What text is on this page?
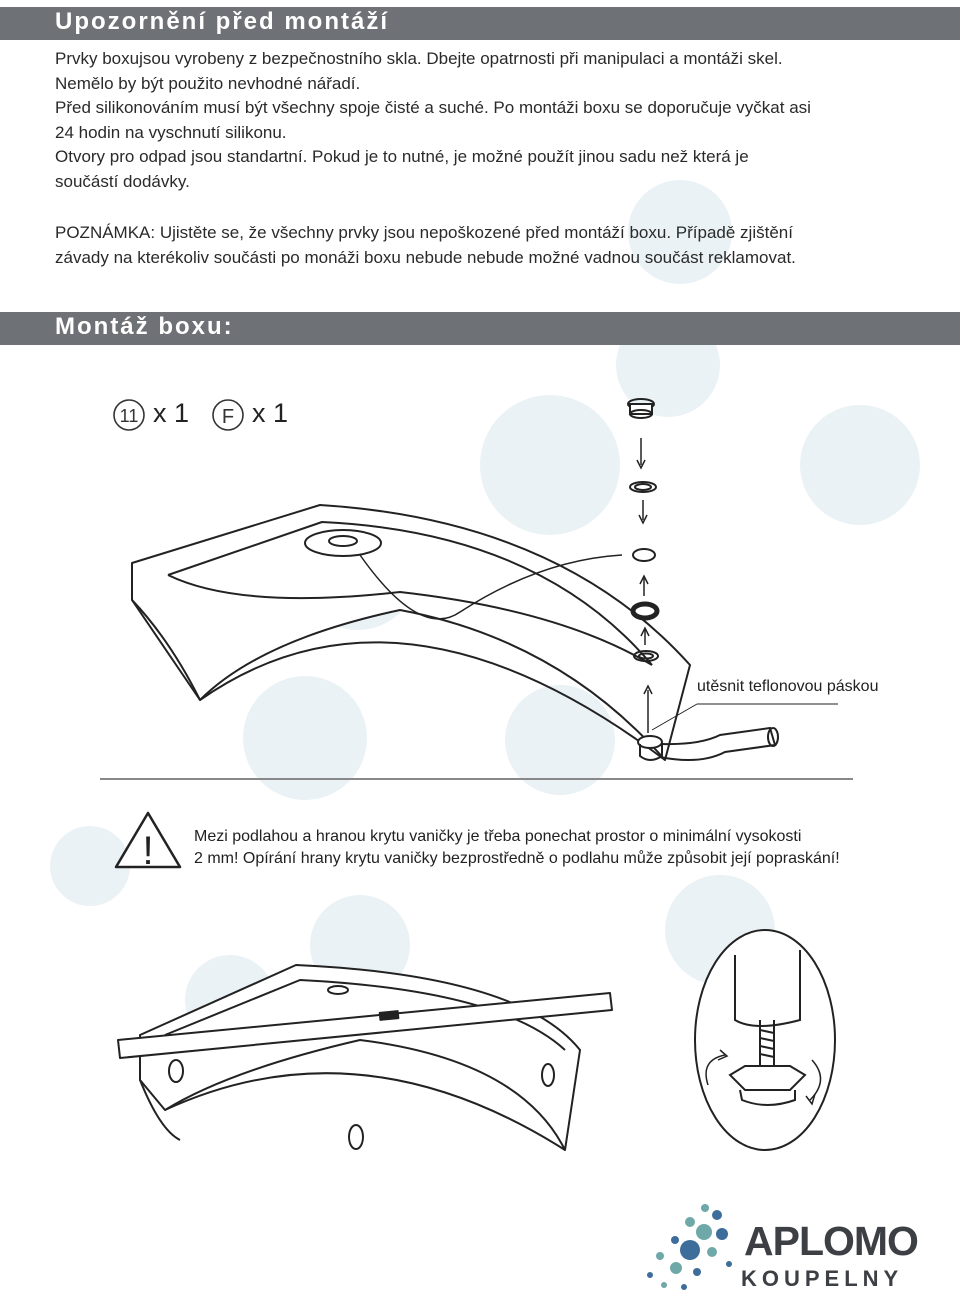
Upozornění před montáží
Prvky boxujsou vyrobeny z bezpečnostního skla. Dbejte opatrnosti při manipulaci a montáži skel.
Nemělo by být použito nevhodné nářadí.
Před silikonováním musí být všechny spoje čisté a suché. Po montáži boxu se doporučuje vyčkat asi
24 hodin na vyschnutí silikonu.
Otvory pro odpad jsou standartní. Pokud je to nutné, je možné použít jinou sadu než která je
součástí dodávky.
POZNÁMKA: Ujistěte se, že všechny prvky jsou nepoškozené před montáží boxu. Případě zjištění
závady na kterékoliv součásti po monáži boxu nebude nebude možné vadnou součást reklamovat.
Montáž boxu:
11	F
!
x 1 x 1
utěsnit teflonovou páskou
Mezi podlahou a hranou krytu vaničky je třeba ponechat prostor o minimální vysokosti
2 mm! Opírání hrany krytu vaničky bezprostředně o podlahu může způsobit její popraskání!
APLOMO
KOUPELNY
